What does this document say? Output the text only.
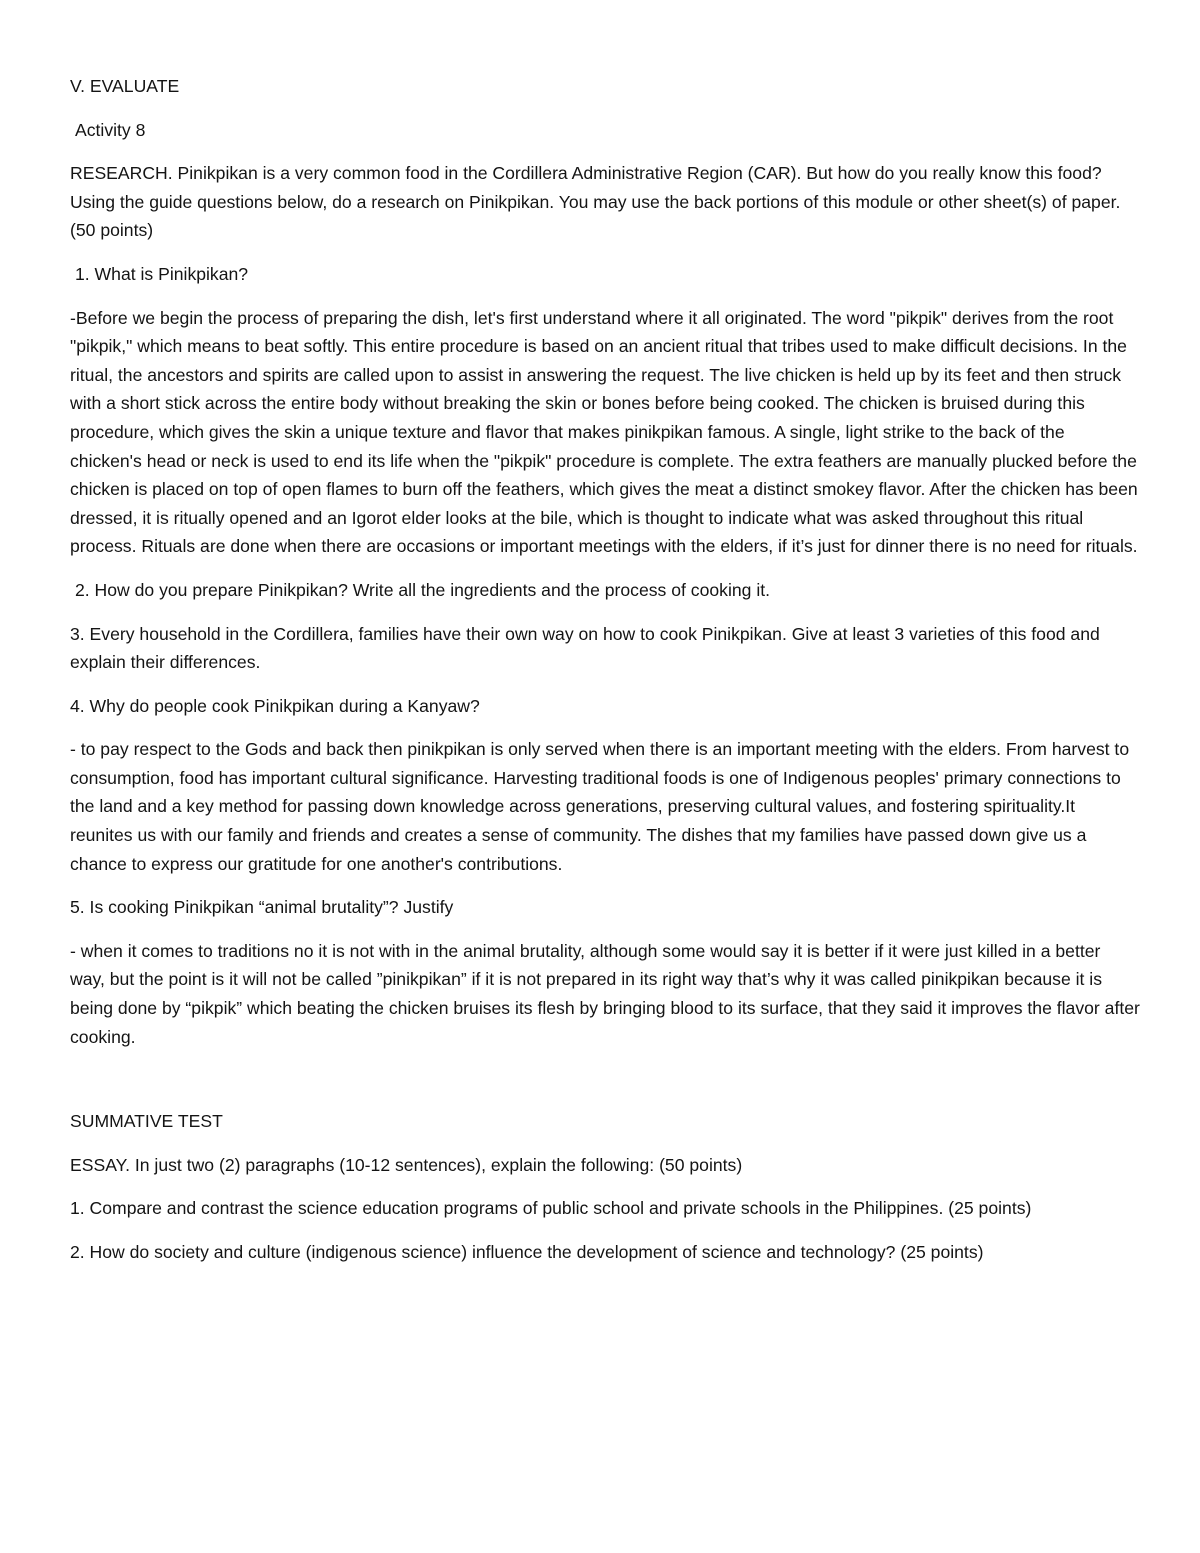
V. EVALUATE

Activity 8

RESEARCH. Pinikpikan is a very common food in the Cordillera Administrative Region (CAR). But how do you really know this food? Using the guide questions below, do a research on Pinikpikan. You may use the back portions of this module or other sheet(s) of paper. (50 points)

1. What is Pinikpikan?

-Before we begin the process of preparing the dish, let's first understand where it all originated. The word "pikpik" derives from the root "pikpik," which means to beat softly. This entire procedure is based on an ancient ritual that tribes used to make difficult decisions. In the ritual, the ancestors and spirits are called upon to assist in answering the request. The live chicken is held up by its feet and then struck with a short stick across the entire body without breaking the skin or bones before being cooked. The chicken is bruised during this procedure, which gives the skin a unique texture and flavor that makes pinikpikan famous. A single, light strike to the back of the chicken's head or neck is used to end its life when the "pikpik" procedure is complete. The extra feathers are manually plucked before the chicken is placed on top of open flames to burn off the feathers, which gives the meat a distinct smokey flavor. After the chicken has been dressed, it is ritually opened and an Igorot elder looks at the bile, which is thought to indicate what was asked throughout this ritual process. Rituals are done when there are occasions or important meetings with the elders, if it’s just for dinner there is no need for rituals.

2. How do you prepare Pinikpikan? Write all the ingredients and the process of cooking it.

3. Every household in the Cordillera, families have their own way on how to cook Pinikpikan. Give at least 3 varieties of this food and explain their differences.

4. Why do people cook Pinikpikan during a Kanyaw?

- to pay respect to the Gods and back then pinikpikan is only served when there is an important meeting with the elders. From harvest to consumption, food has important cultural significance. Harvesting traditional foods is one of Indigenous peoples' primary connections to the land and a key method for passing down knowledge across generations, preserving cultural values, and fostering spirituality.It reunites us with our family and friends and creates a sense of community. The dishes that my families have passed down give us a chance to express our gratitude for one another's contributions.

5. Is cooking Pinikpikan “animal brutality”? Justify

- when it comes to traditions no it is not with in the animal brutality, although some would say it is better if it were just killed in a better way, but the point is it will not be called ”pinikpikan” if it is not prepared in its right way that’s why it was called pinikpikan because it is being done by “pikpik” which beating the chicken bruises its flesh by bringing blood to its surface, that they said it improves the flavor after cooking.

SUMMATIVE TEST

ESSAY. In just two (2) paragraphs (10-12 sentences), explain the following: (50 points)

1. Compare and contrast the science education programs of public school and private schools in the Philippines. (25 points)

2. How do society and culture (indigenous science) influence the development of science and technology? (25 points)
